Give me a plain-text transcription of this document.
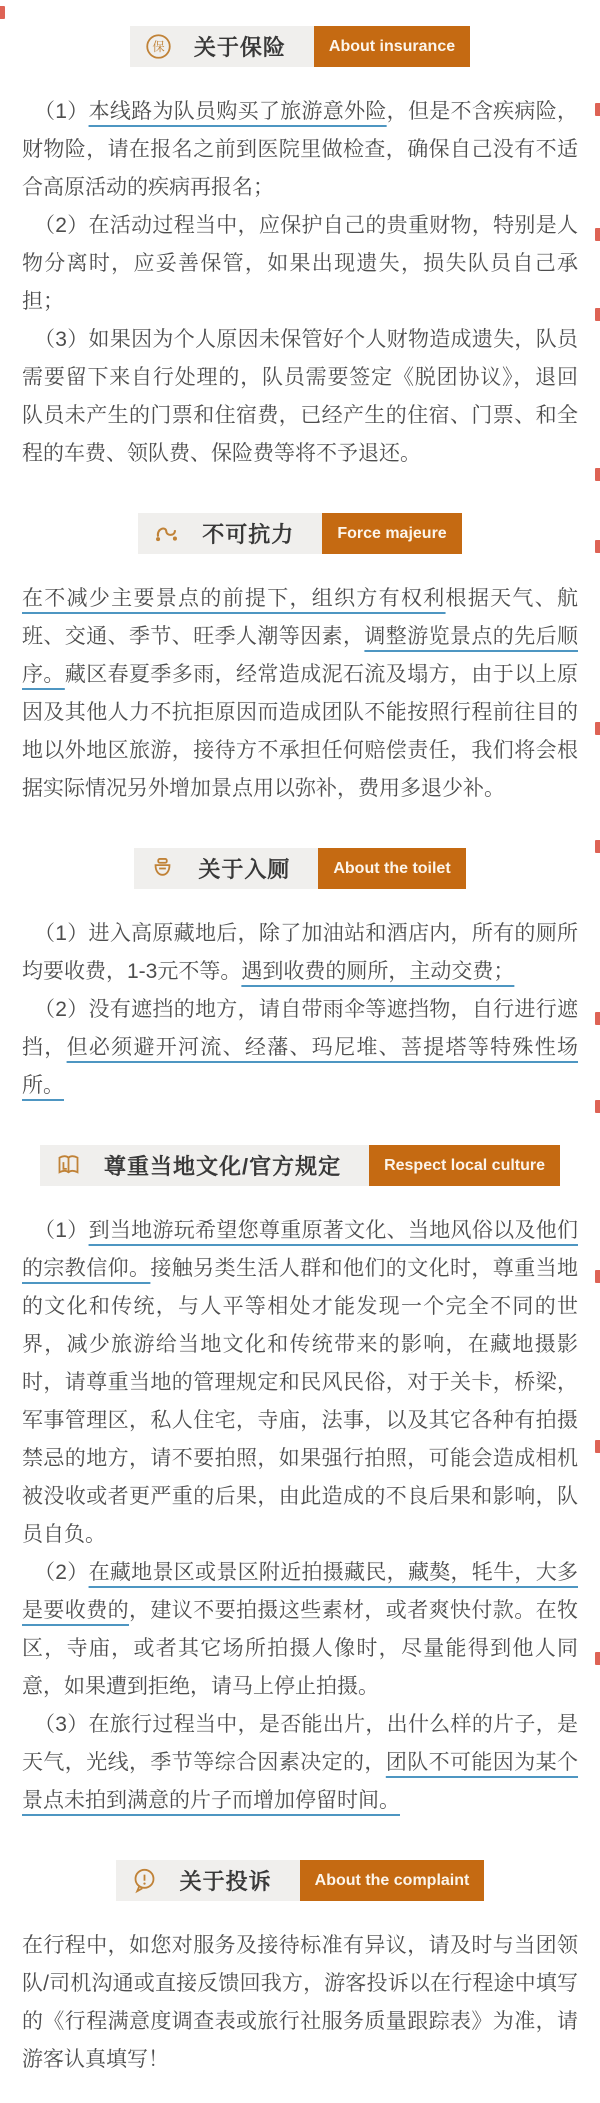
保 关于保险	About insurance

（1）本线路为队员购买了旅游意外险，但是不含疾病险，财物险，请在报名之前到医院里做检查，确保自己没有不适合高原活动的疾病再报名；

（2）在活动过程当中，应保护自己的贵重财物，特别是人物分离时，应妥善保管，如果出现遗失，损失队员自己承担；

（3）如果因为个人原因未保管好个人财物造成遗失，队员需要留下来自行处理的，队员需要签定《脱团协议》，退回队员未产生的门票和住宿费，已经产生的住宿、门票、和全程的车费、领队费、保险费等将不予退还。

不可抗力	Force majeure

在不减少主要景点的前提下，组织方有权利根据天气、航班、交通、季节、旺季人潮等因素，调整游览景点的先后顺序。藏区春夏季多雨，经常造成泥石流及塌方，由于以上原因及其他人力不抗拒原因而造成团队不能按照行程前往目的地以外地区旅游，接待方不承担任何赔偿责任，我们将会根据实际情况另外增加景点用以弥补，费用多退少补。

关于入厕	About the toilet

（1）进入高原藏地后，除了加油站和酒店内，所有的厕所均要收费，1-3元不等。遇到收费的厕所，主动交费；

（2）没有遮挡的地方，请自带雨伞等遮挡物，自行进行遮挡，但必须避开河流、经藩、玛尼堆、菩提塔等特殊性场所。

尊重当地文化/官方规定	Respect local culture

（1）到当地游玩希望您尊重原著文化、当地风俗以及他们的宗教信仰。接触另类生活人群和他们的文化时，尊重当地的文化和传统，与人平等相处才能发现一个完全不同的世界，减少旅游给当地文化和传统带来的影响，在藏地摄影时，请尊重当地的管理规定和民风民俗，对于关卡，桥梁，军事管理区，私人住宅，寺庙，法事，以及其它各种有拍摄禁忌的地方，请不要拍照，如果强行拍照，可能会造成相机被没收或者更严重的后果，由此造成的不良后果和影响，队员自负。

（2）在藏地景区或景区附近拍摄藏民，藏獒，牦牛，大多是要收费的，建议不要拍摄这些素材，或者爽快付款。在牧区，寺庙，或者其它场所拍摄人像时，尽量能得到他人同意，如果遭到拒绝，请马上停止拍摄。

（3）在旅行过程当中，是否能出片，出什么样的片子，是天气，光线，季节等综合因素决定的，团队不可能因为某个景点未拍到满意的片子而增加停留时间。

关于投诉	About the complaint

在行程中，如您对服务及接待标准有异议，请及时与当团领队/司机沟通或直接反馈回我方，游客投诉以在行程途中填写的《行程满意度调查表或旅行社服务质量跟踪表》为准，请游客认真填写！
